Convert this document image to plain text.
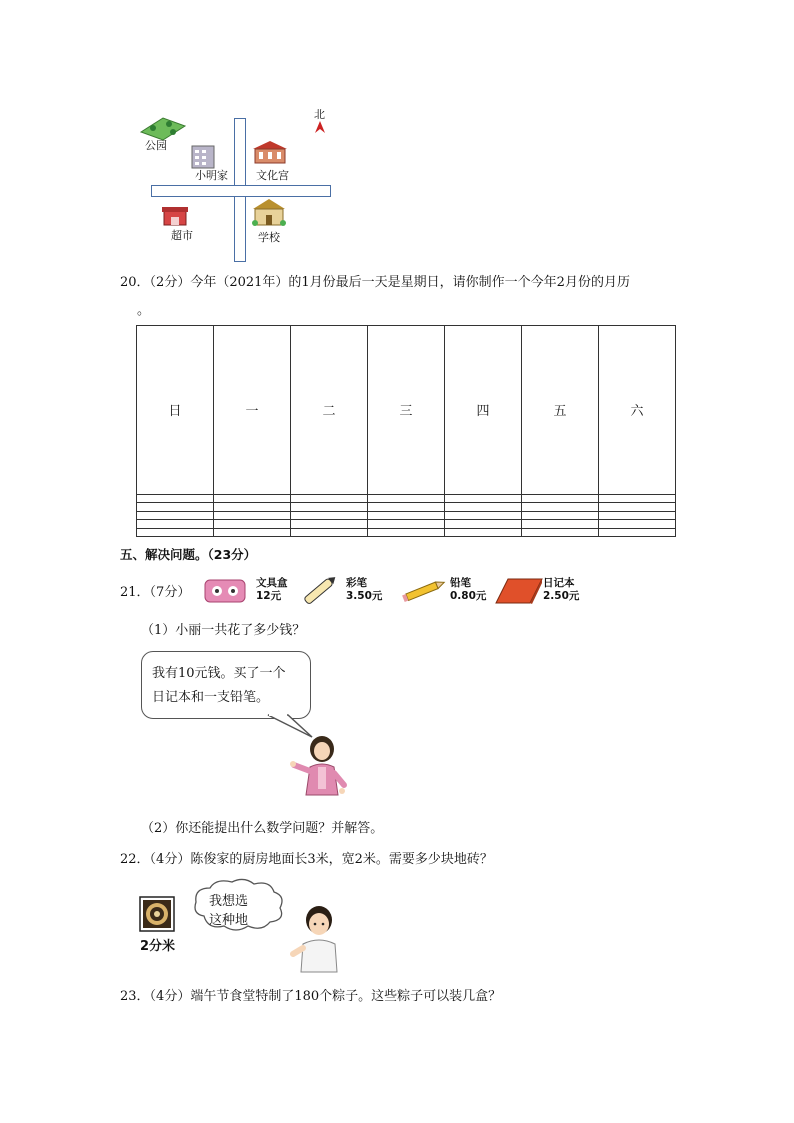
北
公园
小明家	文化宫
超市	学校
20．（2分）今年（2021年）的1月份最后一天是星期日，请你制作一个今年2月份的月历
。
日	一	二	三	四	五	六

五、解决问题。（23分）
21．（7分）
文具盒
12元
彩笔
3.50元
铅笔
0.80元
日记本
2.50元
（1）小丽一共花了多少钱？
我有10元钱。买了一个
日记本和一支铅笔。
（2）你还能提出什么数学问题？并解答。
22．（4分）陈俊家的厨房地面长3米，宽2米。需要多少块地砖？
2分米
我想选
23．（4分）端午节食堂特制了180个粽子。这些粽子可以装几盒？
